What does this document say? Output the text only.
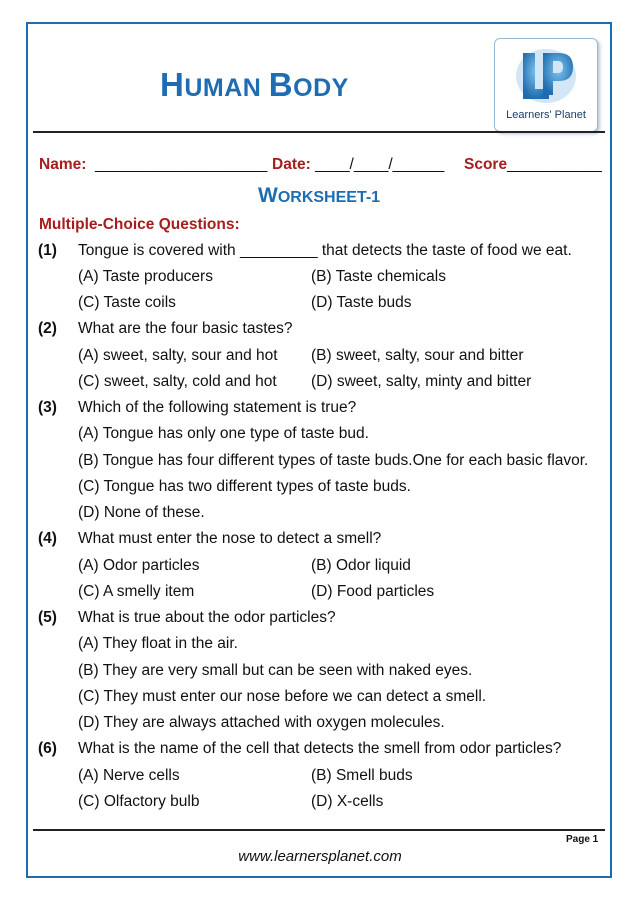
HUMAN BODY
Learners' Planet
Name: ____________________ Date: ____/____/______ Score___________
WORKSHEET-1
Multiple-Choice Questions:
(1) Tongue is covered with _________ that detects the taste of food we eat.
(A) Taste producers	(B) Taste chemicals
(C) Taste coils	(D) Taste buds
(2) What are the four basic tastes?
(A) sweet, salty, sour and hot (B) sweet, salty, sour and bitter
(C) sweet, salty, cold and hot (D) sweet, salty, minty and bitter
(3) Which of the following statement is true?
(A) Tongue has only one type of taste bud.
(B) Tongue has four different types of taste buds.One for each basic flavor.
(C) Tongue has two different types of taste buds.
(D) None of these.
(4) What must enter the nose to detect a smell?
(A) Odor particles	(B) Odor liquid
(C) A smelly item	(D) Food particles
(5) What is true about the odor particles?
(A) They float in the air.
(B) They are very small but can be seen with naked eyes.
(C) They must enter our nose before we can detect a smell.
(D) They are always attached with oxygen molecules.
(6) What is the name of the cell that detects the smell from odor particles?
(A) Nerve cells	(B) Smell buds
(C) Olfactory bulb	(D) X-cells
Page 1
www.learnersplanet.com
